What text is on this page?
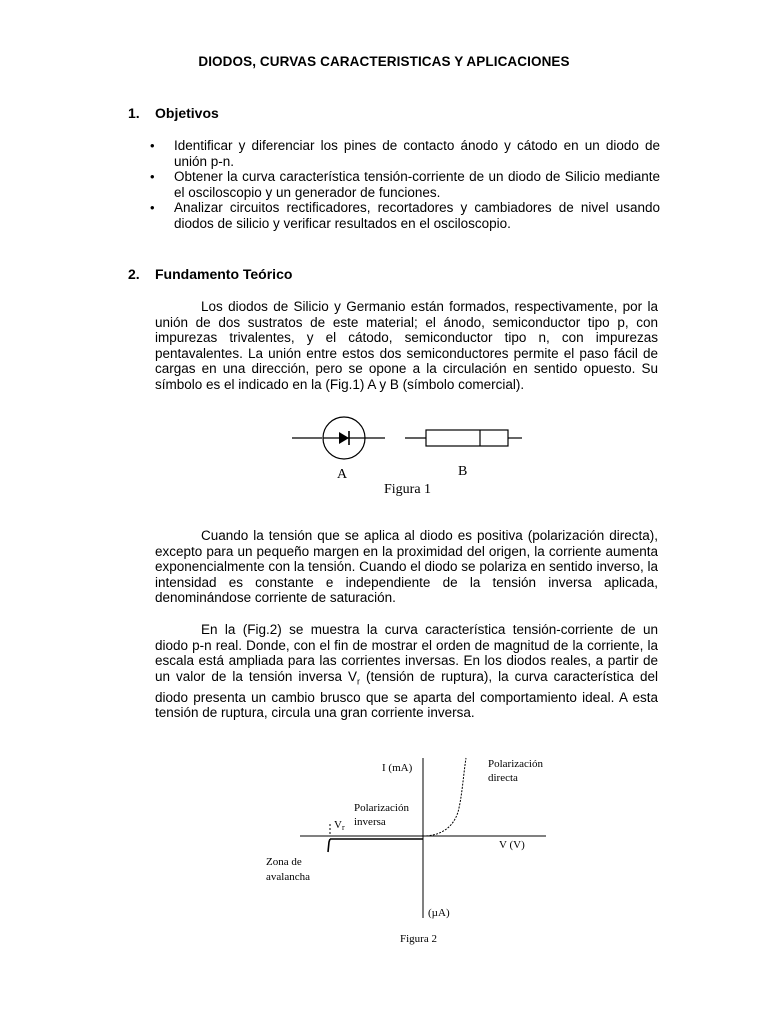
DIODOS, CURVAS CARACTERISTICAS Y APLICACIONES
1. Objetivos
• Identificar y diferenciar los pines de contacto ánodo y cátodo en un diodo de unión p-n.
• Obtener la curva característica tensión-corriente de un diodo de Silicio mediante el osciloscopio y un generador de funciones.
• Analizar circuitos rectificadores, recortadores y cambiadores de nivel usando diodos de silicio y verificar resultados en el osciloscopio.
2. Fundamento Teórico

Los diodos de Silicio y Germanio están formados, respectivamente, por la unión de dos sustratos de este material; el ánodo, semiconductor tipo p, con impurezas trivalentes, y el cátodo, semiconductor tipo n, con impurezas pentavalentes. La unión entre estos dos semiconductores permite el paso fácil de cargas en una dirección, pero se opone a la circulación en sentido opuesto. Su símbolo es el indicado en la (Fig.1) A y B (símbolo comercial).

A	B
Figura 1

Cuando la tensión que se aplica al diodo es positiva (polarización directa), excepto para un pequeño margen en la proximidad del origen, la corriente aumenta exponencialmente con la tensión. Cuando el diodo se polariza en sentido inverso, la intensidad es constante e independiente de la tensión inversa aplicada, denominándose corriente de saturación.

En la (Fig.2) se muestra la curva característica tensión-corriente de un diodo p-n real. Donde, con el fin de mostrar el orden de magnitud de la corriente, la escala está ampliada para las corrientes inversas. En los diodos reales, a partir de un valor de la tensión inversa $V_r$ (tensión de ruptura), la curva característica del diodo presenta un cambio brusco que se aparta del comportamiento ideal. A esta tensión de ruptura, circula una gran corriente inversa.

I (mA)
(µA)
V (V)
Polarización
directa
Polarización
inversa
Vr
Zona de
avalancha
Figura 2
